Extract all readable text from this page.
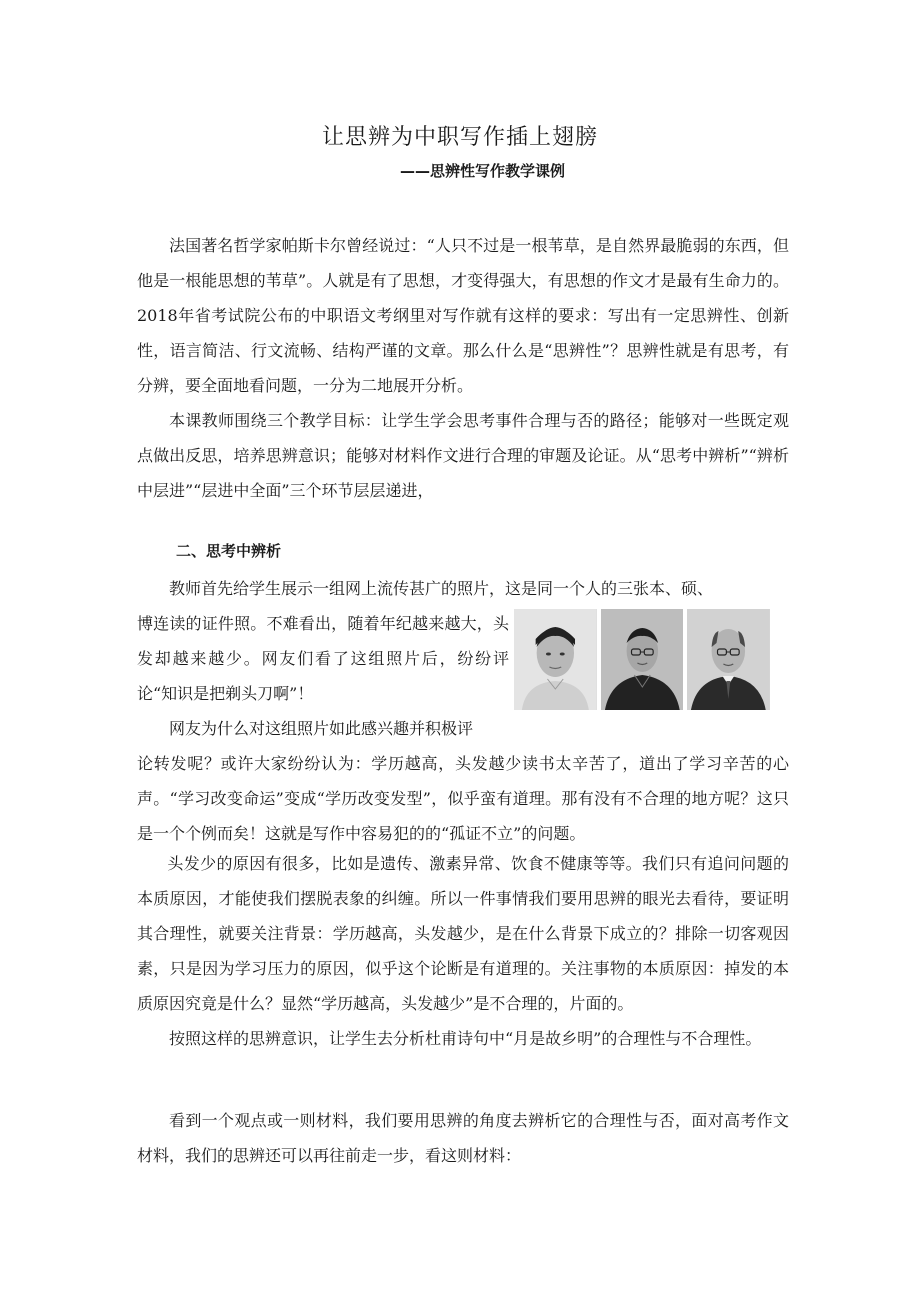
让思辨为中职写作插上翅膀
——思辨性写作教学课例

法国著名哲学家帕斯卡尔曾经说过：“人只不过是一根苇草，是自然界最脆弱的东西，但他是一根能思想的苇草”。人就是有了思想，才变得强大，有思想的作文才是最有生命力的。2018年省考试院公布的中职语文考纲里对写作就有这样的要求：写出有一定思辨性、创新性，语言简洁、行文流畅、结构严谨的文章。那么什么是“思辨性”？思辨性就是有思考，有分辨，要全面地看问题，一分为二地展开分析。

本课教师围绕三个教学目标：让学生学会思考事件合理与否的路径；能够对一些既定观点做出反思，培养思辨意识；能够对材料作文进行合理的审题及论证。从“思考中辨析”“辨析中层进”“层进中全面”三个环节层层递进，

二、思考中辨析

教师首先给学生展示一组网上流传甚广的照片，这是同一个人的三张本、硕、

博连读的证件照。不难看出，随着年纪越来越大，头发却越来越少。网友们看了这组照片后，纷纷评论“知识是把剃头刀啊”！

网友为什么对这组照片如此感兴趣并积极评

论转发呢？或许大家纷纷认为：学历越高，头发越少读书太辛苦了，道出了学习辛苦的心声。“学习改变命运”变成“学历改变发型”，似乎蛮有道理。那有没有不合理的地方呢？这只是一个个例而矣！这就是写作中容易犯的的“孤证不立”的问题。

头发少的原因有很多，比如是遗传、激素异常、饮食不健康等等。我们只有追问问题的本质原因，才能使我们摆脱表象的纠缠。所以一件事情我们要用思辨的眼光去看待，要证明其合理性，就要关注背景：学历越高，头发越少，是在什么背景下成立的？排除一切客观因素，只是因为学习压力的原因，似乎这个论断是有道理的。关注事物的本质原因：掉发的本质原因究竟是什么？显然“学历越高，头发越少”是不合理的，片面的。

按照这样的思辨意识，让学生去分析杜甫诗句中“月是故乡明”的合理性与不合理性。

看到一个观点或一则材料，我们要用思辨的角度去辨析它的合理性与否，面对高考作文材料，我们的思辨还可以再往前走一步，看这则材料：
